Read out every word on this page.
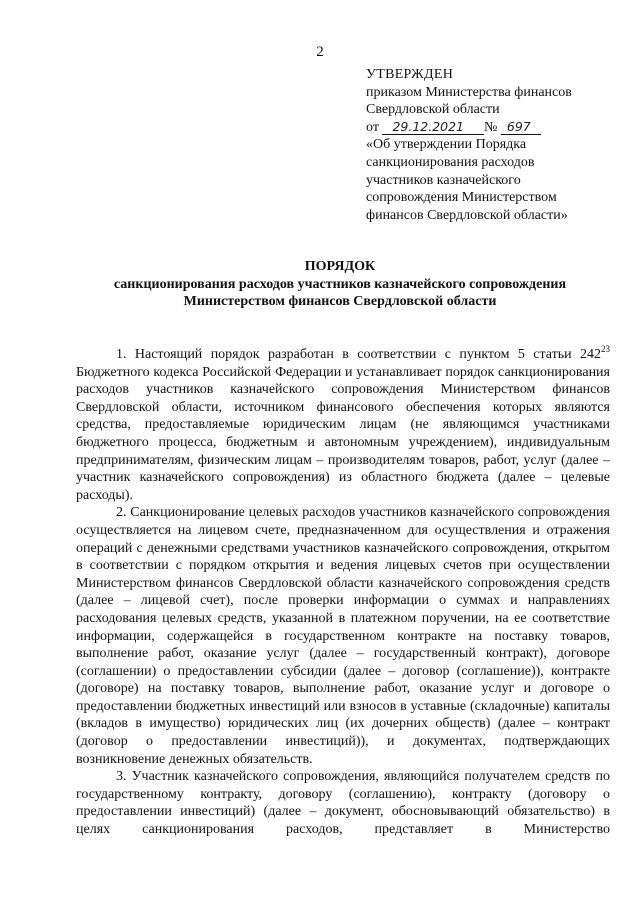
2
УТВЕРЖДЕН
приказом Министерства финансов
Свердловской области
от 29.12.2021 № 697
«Об утверждении Порядка
санкционирования расходов
участников казначейского
сопровождения Министерством
финансов Свердловской области»
ПОРЯДОК
санкционирования расходов участников казначейского сопровождения
Министерством финансов Свердловской области

1. Настоящий порядок разработан в соответствии с пунктом 5 статьи $242^{23}$ Бюджетного кодекса Российской Федерации и устанавливает порядок санкционирования расходов участников казначейского сопровождения Министерством финансов Свердловской области, источником финансового обеспечения которых являются средства, предоставляемые юридическим лицам (не являющимся участниками бюджетного процесса, бюджетным и автономным учреждением), индивидуальным предпринимателям, физическим лицам – производителям товаров, работ, услуг (далее – участник казначейского сопровождения) из областного бюджета (далее – целевые расходы).

2. Санкционирование целевых расходов участников казначейского сопровождения осуществляется на лицевом счете, предназначенном для осуществления и отражения операций с денежными средствами участников казначейского сопровождения, открытом в соответствии с порядком открытия и ведения лицевых счетов при осуществлении Министерством финансов Свердловской области казначейского сопровождения средств (далее – лицевой счет), после проверки информации о суммах и направлениях расходования целевых средств, указанной в платежном поручении, на ее соответствие информации, содержащейся в государственном контракте на поставку товаров, выполнение работ, оказание услуг (далее – государственный контракт), договоре (соглашении) о предоставлении субсидии (далее – договор (соглашение)), контракте (договоре) на поставку товаров, выполнение работ, оказание услуг и договоре о предоставлении бюджетных инвестиций или взносов в уставные (складочные) капиталы (вкладов в имущество) юридических лиц (их дочерних обществ) (далее – контракт (договор о предоставлении инвестиций)), и документах, подтверждающих возникновение денежных обязательств.

3. Участник казначейского сопровождения, являющийся получателем средств по государственному контракту, договору (соглашению), контракту (договору о предоставлении инвестиций) (далее – документ, обосновывающий обязательство) в целях санкционирования расходов, представляет в Министерство
